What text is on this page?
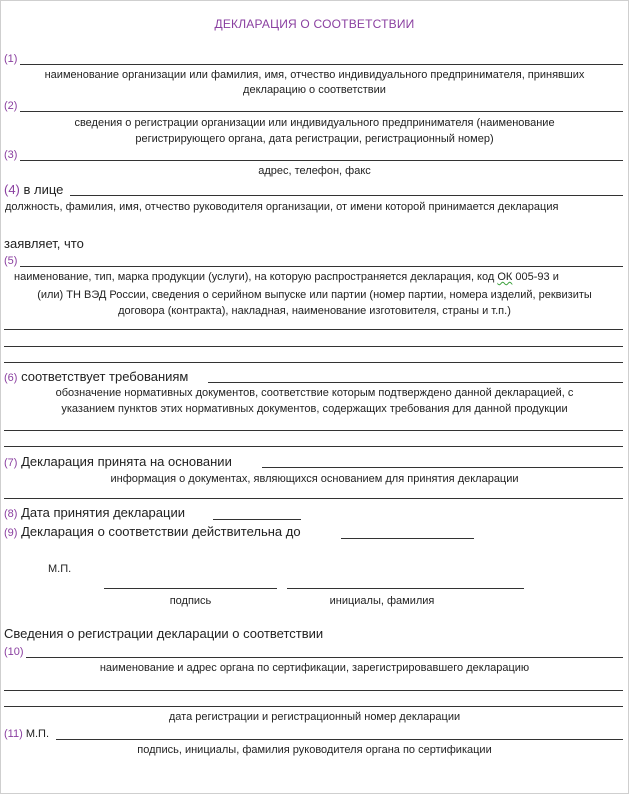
ДЕКЛАРАЦИЯ О СООТВЕТСТВИИ
(1)
наименование организации или фамилия, имя, отчество индивидуального предпринимателя, принявших
декларацию о соответствии
(2)
сведения о регистрации организации или индивидуального предпринимателя (наименование
регистрирующего органа, дата регистрации, регистрационный номер)
(3)
адрес, телефон, факс
(4) в лице
должность, фамилия, имя, отчество руководителя организации, от имени которой принимается декларация
заявляет, что
(5)
наименование, тип, марка продукции (услуги), на которую распространяется декларация, код ОК 005-93 и
(или) ТН ВЭД России, сведения о серийном выпуске или партии (номер партии, номера изделий, реквизиты
договора (контракта), накладная, наименование изготовителя, страны и т.п.)
(6) соответствует требованиям
обозначение нормативных документов, соответствие которым подтверждено данной декларацией, с
указанием пунктов этих нормативных документов, содержащих требования для данной продукции
(7) Декларация принята на основании
информация о документах, являющихся основанием для принятия декларации
(8) Дата принятия декларации
(9) Декларация о соответствии действительна до
М.П.
подпись	инициалы, фамилия
Сведения о регистрации декларации о соответствии
(10)
наименование и адрес органа по сертификации, зарегистрировавшего декларацию
дата регистрации и регистрационный номер декларации
(11) М.П.
подпись, инициалы, фамилия руководителя органа по сертификации
